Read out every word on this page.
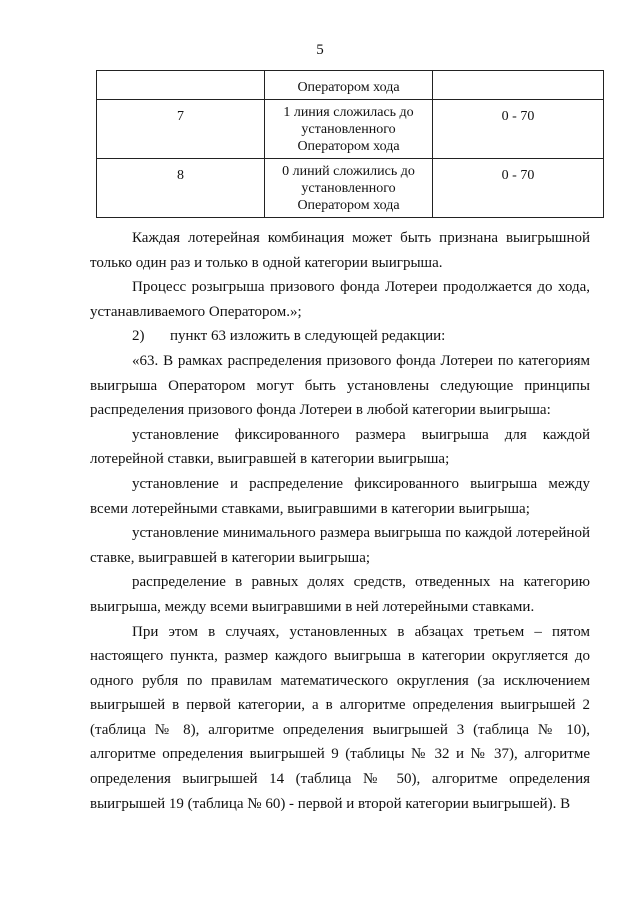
5
	Оператором хода	
7	1 линия сложилась до установленного Оператором хода	0 - 70
8	0 линий сложились до установленного Оператором хода	0 - 70

Каждая лотерейная комбинация может быть признана выигрышной только один раз и только в одной категории выигрыша.

Процесс розыгрыша призового фонда Лотереи продолжается до хода, устанавливаемого Оператором.»;

2) пункт 63 изложить в следующей редакции:

«63. В рамках распределения призового фонда Лотереи по категориям выигрыша Оператором могут быть установлены следующие принципы распределения призового фонда Лотереи в любой категории выигрыша:

установление фиксированного размера выигрыша для каждой лотерейной ставки, выигравшей в категории выигрыша;

установление и распределение фиксированного выигрыша между всеми лотерейными ставками, выигравшими в категории выигрыша;

установление минимального размера выигрыша по каждой лотерейной ставке, выигравшей в категории выигрыша;

распределение в равных долях средств, отведенных на категорию выигрыша, между всеми выигравшими в ней лотерейными ставками.

При этом в случаях, установленных в абзацах третьем – пятом настоящего пункта, размер каждого выигрыша в категории округляется до одного рубля по правилам математического округления (за исключением выигрышей в первой категории, а в алгоритме определения выигрышей 2 (таблица № 8), алгоритме определения выигрышей 3 (таблица № 10), алгоритме определения выигрышей 9 (таблицы № 32 и № 37), алгоритме определения выигрышей 14 (таблица № 50), алгоритме определения выигрышей 19 (таблица № 60) - первой и второй категории выигрышей). В
